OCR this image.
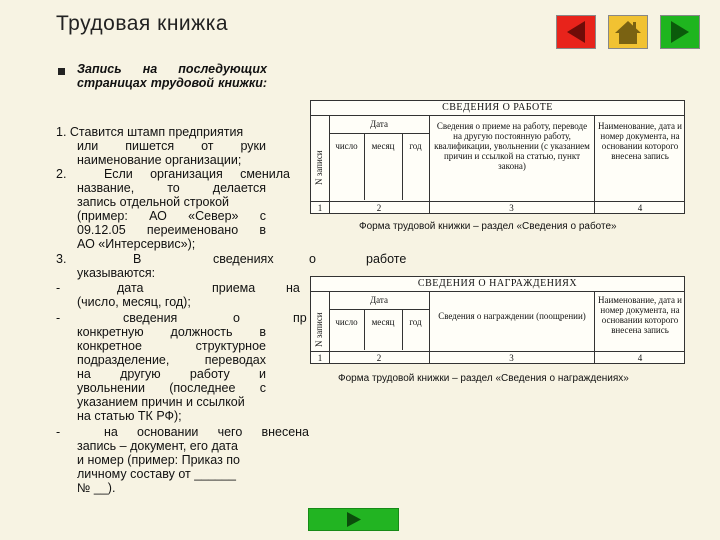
Трудовая книжка
Запись на последующих страницах трудовой книжки:
1. Ставится штамп предприятия
или пишется от руки
наименование организации;
2.	Если организация сменила
название, то делается
запись отдельной строкой
(пример: АО «Север» с
09.12.05 переименовано в
АО «Интерсервис»);
3.	В	сведениях	о	работе
указываются:
-	дата	приема на
(число, месяц, год);
-	сведения	о	пр
конкретную должность в
конкретное структурное
подразделение, переводах
на другую работу и
увольнении (последнее с
указанием причин и ссылкой
на статью ТК РФ);
-	на основании чего внесена
запись – документ, его дата
и номер (пример: Приказ по
личному составу от ______
№ __).
СВЕДЕНИЯ О РАБОТЕ
N записи
Дата
число	месяц	год
Сведения о приеме на работу, переводе на другую постоянную работу, квалификации, увольнении (с указанием причин и ссылкой на статью, пункт закона)
Наименование, дата и номер документа, на основании которого внесена запись
1	2	3	4
Форма трудовой книжки – раздел «Сведения о работе»
СВЕДЕНИЯ О НАГРАЖДЕНИЯХ
N записи
Дата
число	месяц	год
Сведения о награждении (поощрении)
Наименование, дата и номер документа, на основании которого внесена запись
1	2	3	4
Форма трудовой книжки – раздел «Сведения о награждениях»
